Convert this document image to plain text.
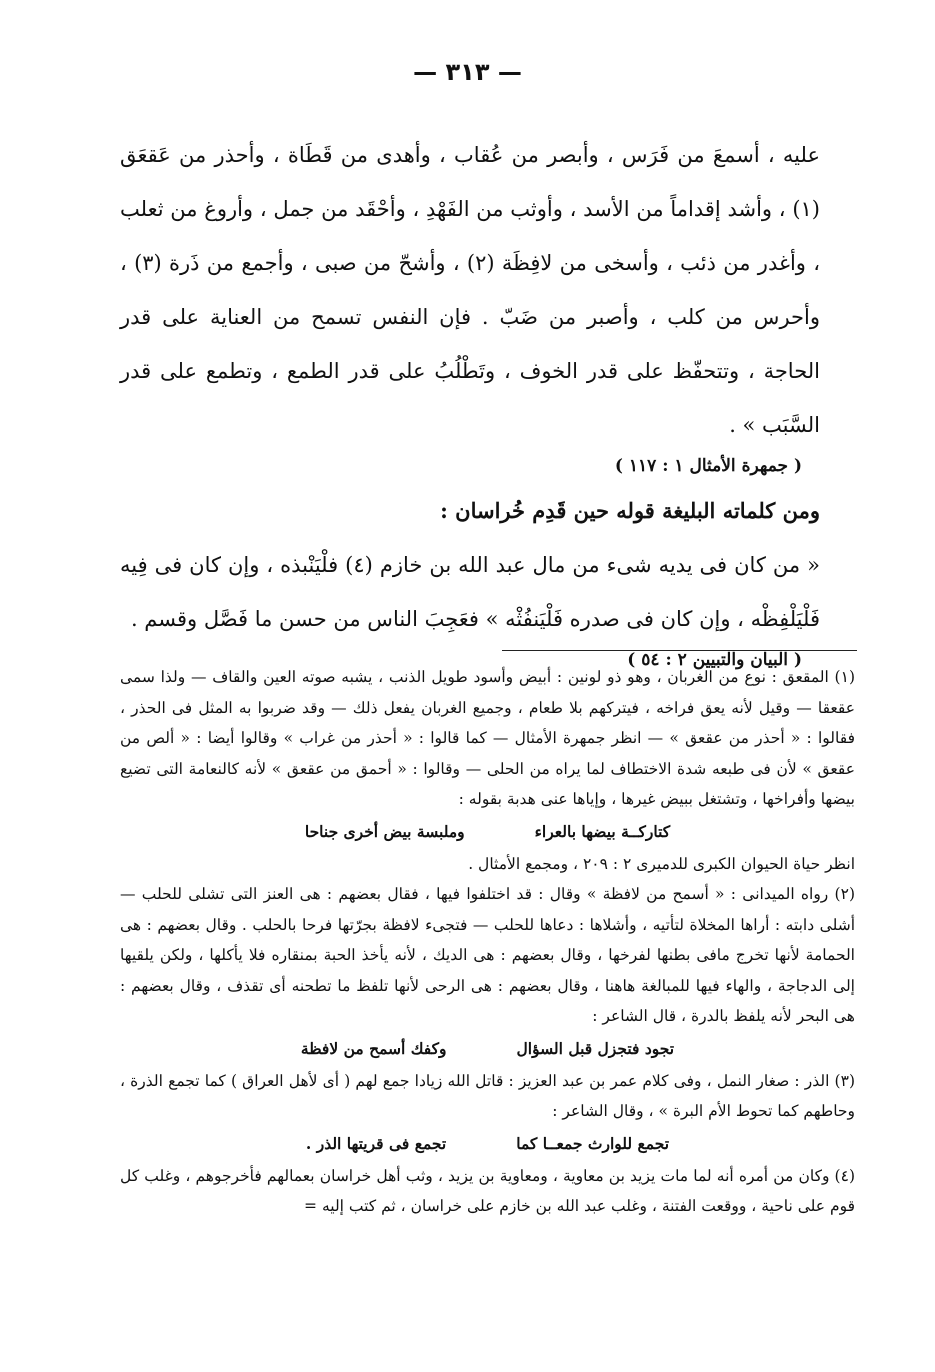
— ٣١٣ —

عليه ، أسمعَ من فَرَس ، وأبصر من عُقاب ، وأهدى من قَطَاة ، وأحذر من عَقعَق (١) ، وأشد إقداماً من الأسد ، وأوثب من الفَهْدِ ، وأحْقَد من جمل ، وأروغ من ثعلب ، وأغدر من ذئب ، وأسخى من لافِظَة (٢) ، وأشحّ من صبى ، وأجمع من ذَرة (٣) ، وأحرس من كلب ، وأصبر من ضَبّ . فإن النفس تسمح من العناية على قدر الحاجة ، وتتحفّظ على قدر الخوف ، وتَطْلُبُ على قدر الطمع ، وتطمع على قدر السَّبَب » .

( جمهرة الأمثال ١ : ١١٧ )

ومن كلماته البليغة قوله حين قَدِم خُراسان :

« من كان فى يديه شىء من مال عبد الله بن خازم (٤) فلْيَنْبذه ، وإن كان فى فِيه فَلْيَلْفِظْه ، وإن كان فى صدره فَلْيَنفُثْه » فعَجِبَ الناس من حسن ما فَصَّل وقسم .

( البيان والتبيين ٢ : ٥٤ )

(١) المقعق : نوع من الغربان ، وهو ذو لونين : أبيض وأسود طويل الذنب ، يشبه صوته العين والقاف — ولذا سمى عقعقا — وقيل لأنه يعق فراخه ، فيتركهم بلا طعام ، وجميع الغربان يفعل ذلك — وقد ضربوا به المثل فى الحذر ، فقالوا : « أحذر من عقعق » — انظر جمهرة الأمثال — كما قالوا : « أحذر من غراب » وقالوا أيضا : « ألص من عقعق » لأن فى طبعه شدة الاختطاف لما يراه من الحلى — وقالوا : « أحمق من عقعق » لأنه كالنعامة التى تضيع بيضها وأفراخها ، وتشتغل ببيض غيرها ، وإياها عنى هدبة بقوله :

كتاركــة بيضها بالعراء
وملبسة بيض أخرى جناحا

انظر حياة الحيوان الكبرى للدميرى ٢ : ٢٠٩ ، ومجمع الأمثال .

(٢) رواه الميدانى : « أسمح من لافظة » وقال : قد اختلفوا فيها ، فقال بعضهم : هى العنز التى تشلى للحلب — أشلى دابته : أراها المخلاة لتأتيه ، وأشلاها : دعاها للحلب — فتجىء لافظة بجرّتها فرحا بالحلب . وقال بعضهم : هى الحمامة لأنها تخرج مافى بطنها لفرخها ، وقال بعضهم : هى الديك ، لأنه يأخذ الحبة بمنقاره فلا يأكلها ، ولكن يلقيها إلى الدجاجة ، والهاء فيها للمبالغة هاهنا ، وقال بعضهم : هى الرحى لأنها تلفظ ما تطحنه أى تقذف ، وقال بعضهم : هى البحر لأنه يلفظ بالدرة ، قال الشاعر :

تجود فتجزل قبل السؤال
وكفك أسمح من لافظة

(٣) الذر : صغار النمل ، وفى كلام عمر بن عبد العزيز : قاتل الله زيادا جمع لهم ( أى لأهل العراق ) كما تجمع الذرة ، وحاطهم كما تحوط الأم البرة » ، وقال الشاعر :

تجمع للوارث جمعــا كما
تجمع فى قريتها الذر .

(٤) وكان من أمره أنه لما مات يزيد بن معاوية ، ومعاوية بن يزيد ، وثب أهل خراسان بعمالهم فأخرجوهم ، وغلب كل قوم على ناحية ، ووقعت الفتنة ، وغلب عبد الله بن خازم على خراسان ، ثم كتب إليه =
